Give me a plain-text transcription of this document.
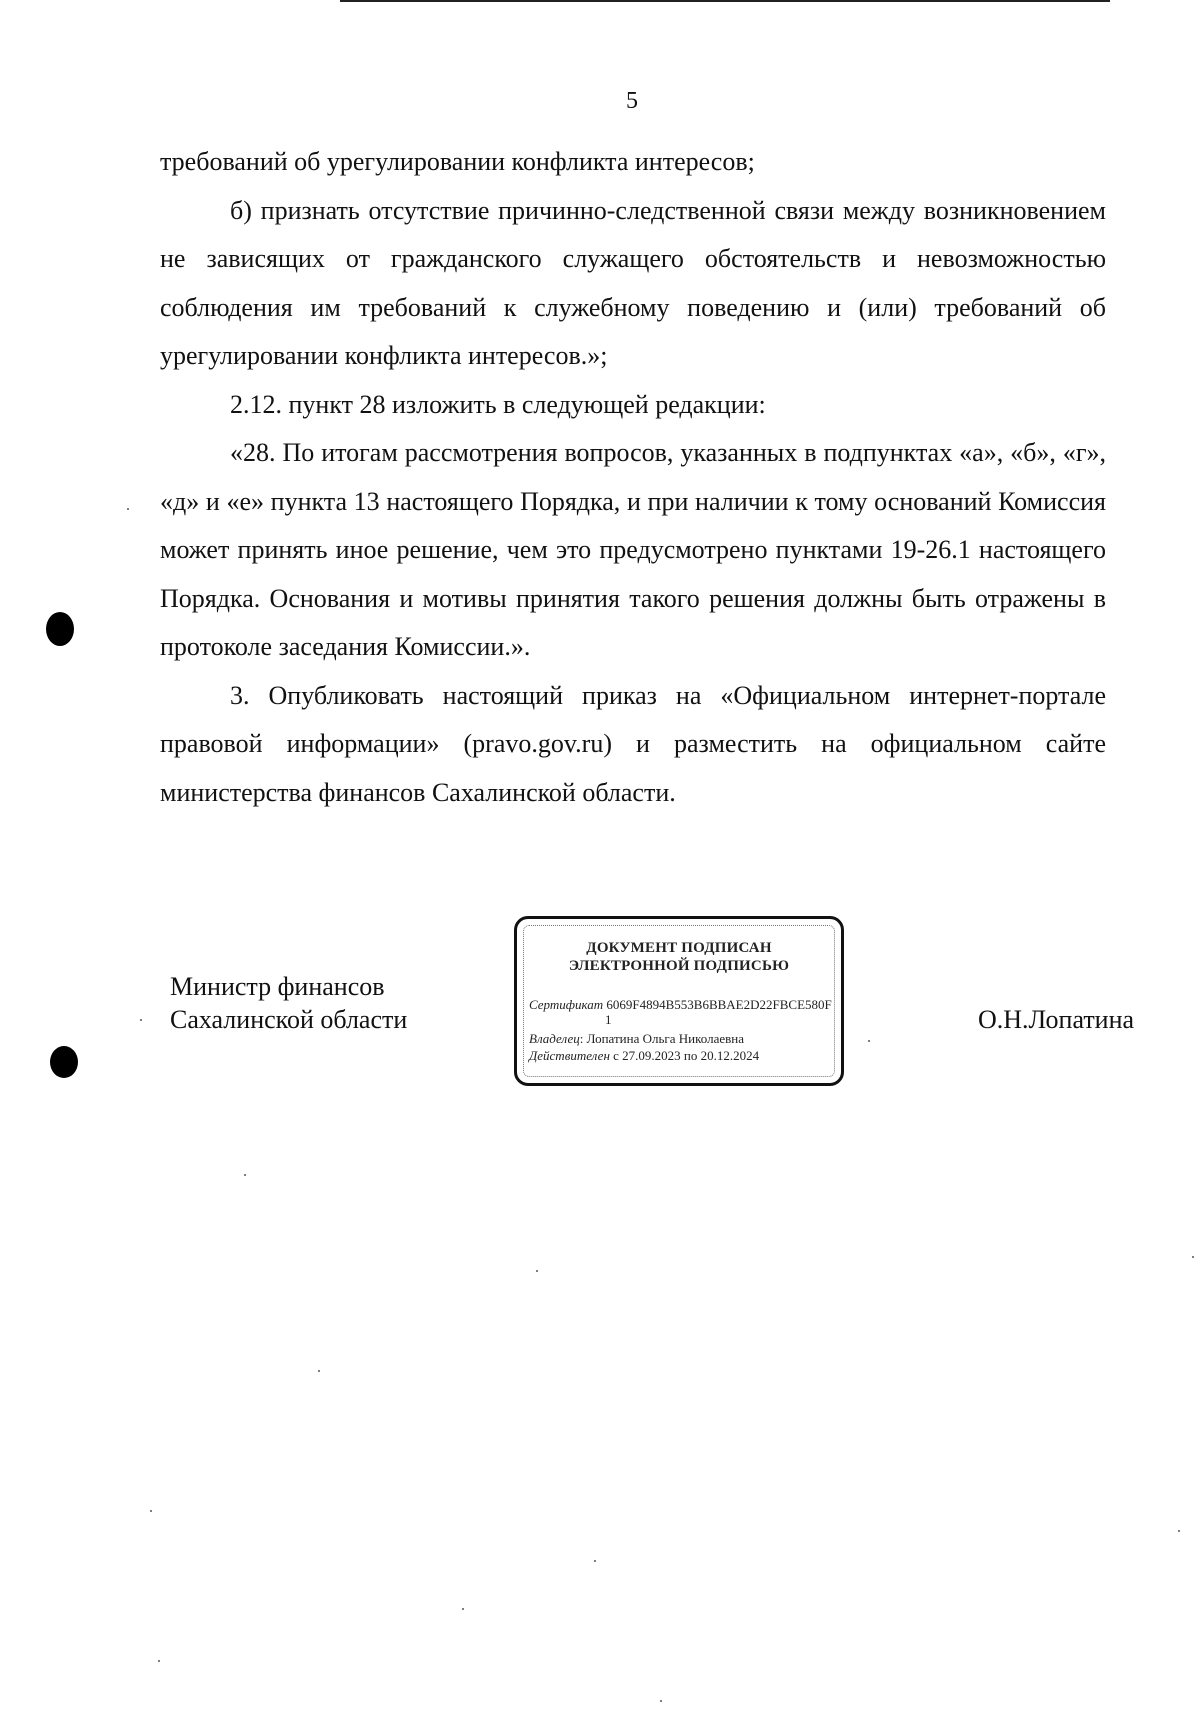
5

требований об урегулировании конфликта интересов;

б) признать отсутствие причинно-следственной связи между возникновением не зависящих от гражданского служащего обстоятельств и невозможностью соблюдения им требований к служебному поведению и (или) требований об урегулировании конфликта интересов.»;

2.12. пункт 28 изложить в следующей редакции:

«28. По итогам рассмотрения вопросов, указанных в подпунктах «а», «б», «г», «д» и «е» пункта 13 настоящего Порядка, и при наличии к тому оснований Комиссия может принять иное решение, чем это предусмотрено пунктами 19-26.1 настоящего Порядка. Основания и мотивы принятия такого решения должны быть отражены в протоколе заседания Комиссии.».

3. Опубликовать настоящий приказ на «Официальном интернет-портале правовой информации» (pravo.gov.ru) и разместить на официальном сайте министерства финансов Сахалинской области.

Министр финансов
Сахалинской области
ДОКУМЕНТ ПОДПИСАН
ЭЛЕКТРОННОЙ ПОДПИСЬЮ
Сертификат 6069F4894B553B6BBAE2D22FBCE580F
1
Владелец: Лопатина Ольга Николаевна
Действителен с 27.09.2023 по 20.12.2024
О.Н.Лопатина
